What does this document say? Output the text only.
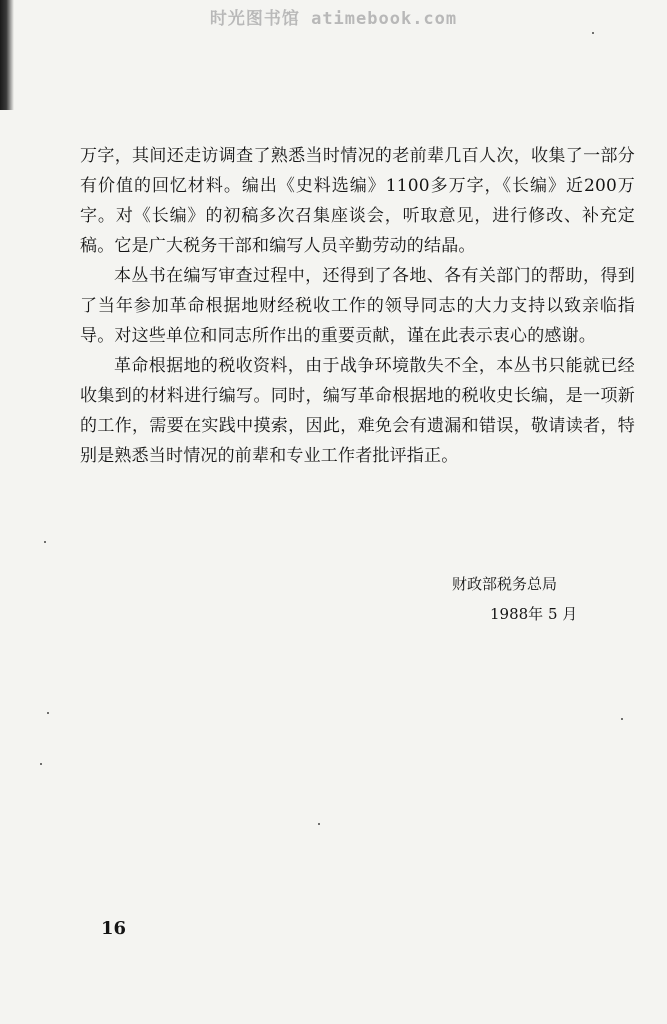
时光图书馆 atimebook.com

万字，其间还走访调查了熟悉当时情况的老前辈几百人次，收集了一部分有价值的回忆材料。编出《史料选编》1100多万字，《长编》近200万字。对《长编》的初稿多次召集座谈会，听取意见，进行修改、补充定稿。它是广大税务干部和编写人员辛勤劳动的结晶。

本丛书在编写审查过程中，还得到了各地、各有关部门的帮助，得到了当年参加革命根据地财经税收工作的领导同志的大力支持以致亲临指导。对这些单位和同志所作出的重要贡献，谨在此表示衷心的感谢。

革命根据地的税收资料，由于战争环境散失不全，本丛书只能就已经收集到的材料进行编写。同时，编写革命根据地的税收史长编，是一项新的工作，需要在实践中摸索，因此，难免会有遗漏和错误，敬请读者，特别是熟悉当时情况的前辈和专业工作者批评指正。

财政部税务总局
1988年 5 月
16
